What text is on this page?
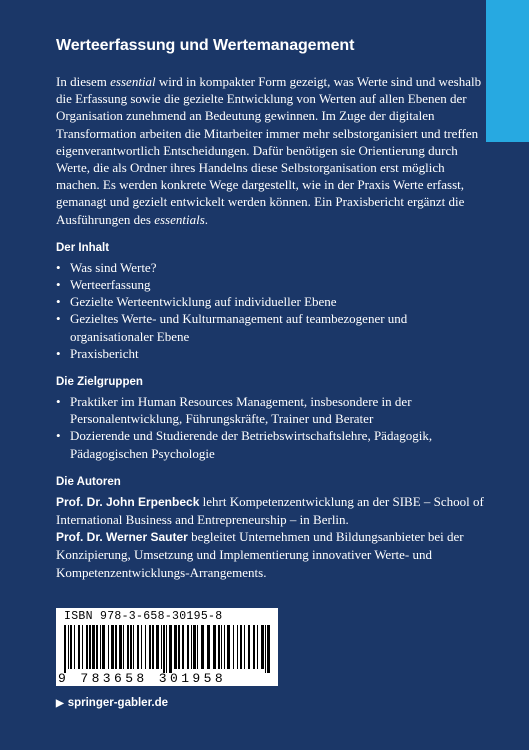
Werteerfassung und Wertemanagement

In diesem essential wird in kompakter Form gezeigt, was Werte sind und weshalb die Erfassung sowie die gezielte Entwicklung von Werten auf allen Ebenen der Organisation zunehmend an Bedeutung gewinnen. Im Zuge der digitalen Transformation arbeiten die Mitarbeiter immer mehr selbstorganisiert und treffen eigenverantwortlich Entscheidungen. Dafür benötigen sie Orientierung durch Werte, die als Ordner ihres Handelns diese Selbstorganisation erst möglich machen. Es werden konkrete Wege dargestellt, wie in der Praxis Werte erfasst, gemanagt und gezielt entwickelt werden können. Ein Praxisbericht ergänzt die Ausführungen des essentials.

Der Inhalt
• Was sind Werte?
• Werteerfassung
• Gezielte Werteentwicklung auf individueller Ebene
• Gezieltes Werte- und Kulturmanagement auf teambezogener und organisationaler Ebene
• Praxisbericht
Die Zielgruppen
• Praktiker im Human Resources Management, insbesondere in der Personalentwicklung, Führungskräfte, Trainer und Berater
• Dozierende und Studierende der Betriebswirtschaftslehre, Pädagogik, Pädagogischen Psychologie
Die Autoren

Prof. Dr. John Erpenbeck lehrt Kompetenzentwicklung an der SIBE – School of International Business and Entrepreneurship – in Berlin.

Prof. Dr. Werner Sauter begleitet Unternehmen und Bildungsanbieter bei der Konzipierung, Umsetzung und Implementierung innovativer Werte- und Kompetenzentwicklungs-Arrangements.

ISBN 978-3-658-30195-8
9 783658 301958
▶ springer-gabler.de
